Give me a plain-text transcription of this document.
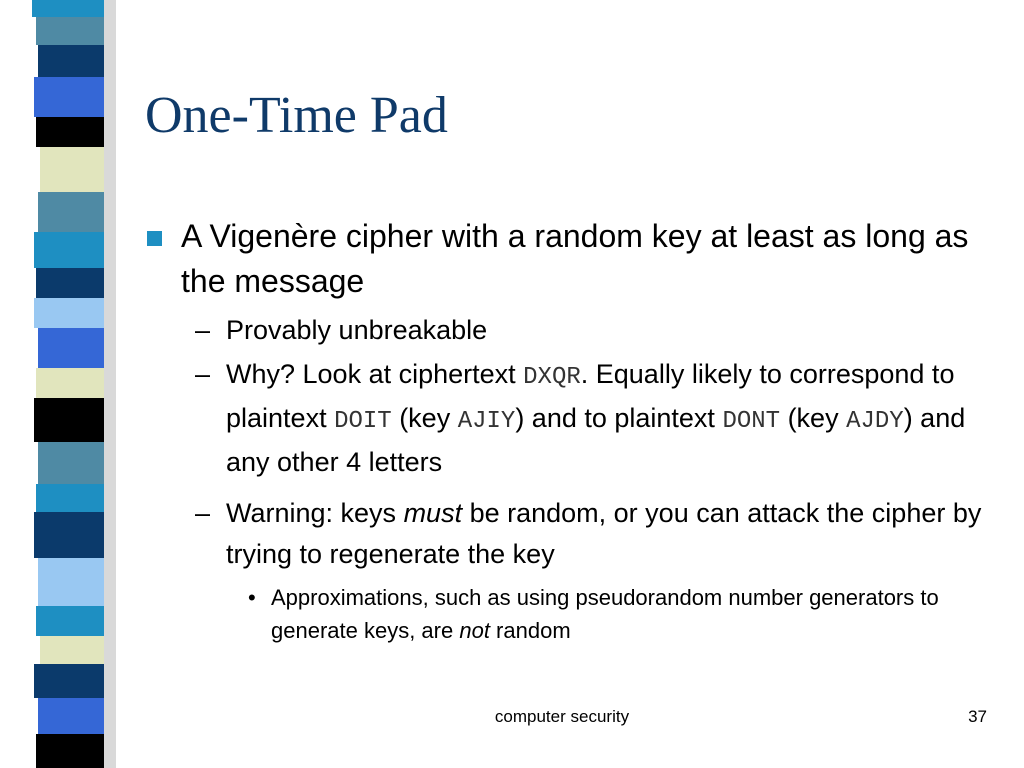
One-Time Pad
A Vigenère cipher with a random key at least as long as the message
– Provably unbreakable
– Why? Look at ciphertext DXQR. Equally likely to correspond to plaintext DOIT (key AJIY) and to plaintext DONT (key AJDY) and any other 4 letters
– Warning: keys must be random, or you can attack the cipher by trying to regenerate the key
• Approximations, such as using pseudorandom number generators to generate keys, are not random
computer security	37
